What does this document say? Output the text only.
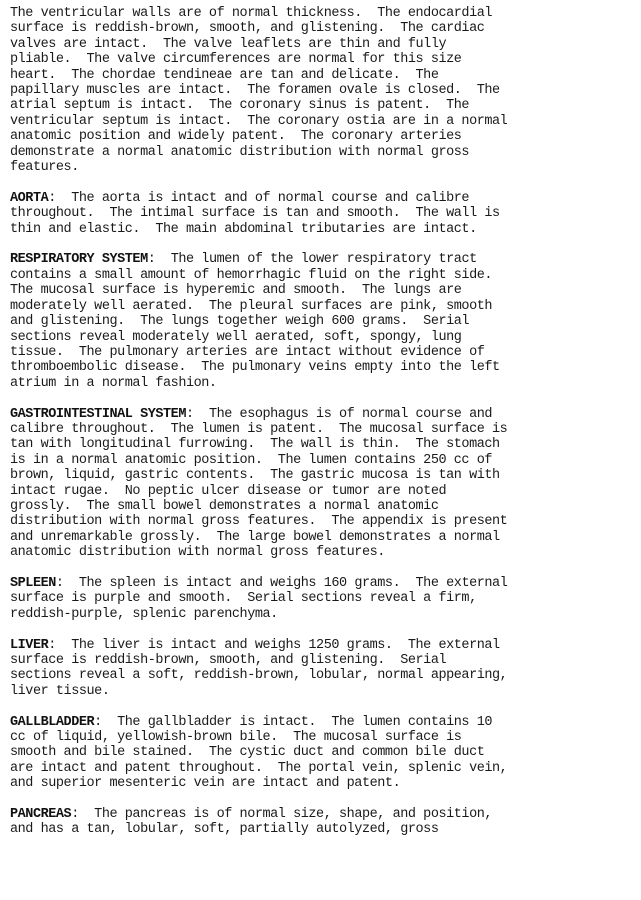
The ventricular walls are of normal thickness.  The endocardial
surface is reddish-brown, smooth, and glistening.  The cardiac
valves are intact.  The valve leaflets are thin and fully
pliable.  The valve circumferences are normal for this size
heart.  The chordae tendineae are tan and delicate.  The
papillary muscles are intact.  The foramen ovale is closed.  The
atrial septum is intact.  The coronary sinus is patent.  The
ventricular septum is intact.  The coronary ostia are in a normal
anatomic position and widely patent.  The coronary arteries
demonstrate a normal anatomic distribution with normal gross
features.

AORTA:  The aorta is intact and of normal course and calibre
throughout.  The intimal surface is tan and smooth.  The wall is
thin and elastic.  The main abdominal tributaries are intact.

RESPIRATORY SYSTEM:  The lumen of the lower respiratory tract
contains a small amount of hemorrhagic fluid on the right side.
The mucosal surface is hyperemic and smooth.  The lungs are
moderately well aerated.  The pleural surfaces are pink, smooth
and glistening.  The lungs together weigh 600 grams.  Serial
sections reveal moderately well aerated, soft, spongy, lung
tissue.  The pulmonary arteries are intact without evidence of
thromboembolic disease.  The pulmonary veins empty into the left
atrium in a normal fashion.

GASTROINTESTINAL SYSTEM:  The esophagus is of normal course and
calibre throughout.  The lumen is patent.  The mucosal surface is
tan with longitudinal furrowing.  The wall is thin.  The stomach
is in a normal anatomic position.  The lumen contains 250 cc of
brown, liquid, gastric contents.  The gastric mucosa is tan with
intact rugae.  No peptic ulcer disease or tumor are noted
grossly.  The small bowel demonstrates a normal anatomic
distribution with normal gross features.  The appendix is present
and unremarkable grossly.  The large bowel demonstrates a normal
anatomic distribution with normal gross features.

SPLEEN:  The spleen is intact and weighs 160 grams.  The external
surface is purple and smooth.  Serial sections reveal a firm,
reddish-purple, splenic parenchyma.

LIVER:  The liver is intact and weighs 1250 grams.  The external
surface is reddish-brown, smooth, and glistening.  Serial
sections reveal a soft, reddish-brown, lobular, normal appearing,
liver tissue.

GALLBLADDER:  The gallbladder is intact.  The lumen contains 10
cc of liquid, yellowish-brown bile.  The mucosal surface is
smooth and bile stained.  The cystic duct and common bile duct
are intact and patent throughout.  The portal vein, splenic vein,
and superior mesenteric vein are intact and patent.

PANCREAS:  The pancreas is of normal size, shape, and position,
and has a tan, lobular, soft, partially autolyzed, gross
